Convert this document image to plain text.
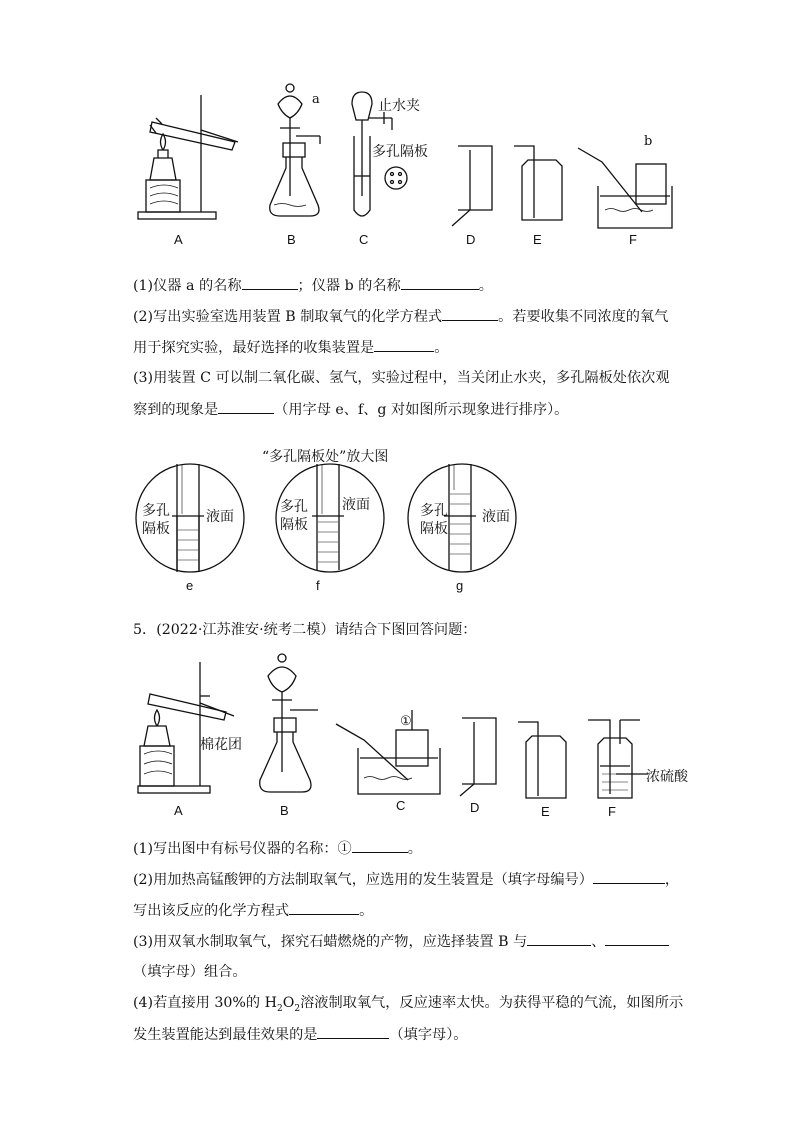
a
b
止水夹
多孔隔板
A	B	C	D	E	F
(1)仪器 a 的名称	；仪器 b 的名称	。
(2)写出实验室选用装置 B 制取氧气的化学方程式	。若要收集不同浓度的氧气
用于探究实验，最好选择的收集装置是	。
(3)用装置 C 可以制二氧化碳、氢气，实验过程中，当关闭止水夹，多孔隔板处依次观
察到的现象是	（用字母 e、f、g 对如图所示现象进行排序）。
“多孔隔板处”放大图
多孔
隔板
液面
e
多孔
隔板
液面
f
多孔
隔板
液面
g
5．(2022·江苏淮安·统考二模）请结合下图回答问题：
棉花团
①
浓硫酸
A	B	C	D	E	F
(1)写出图中有标号仪器的名称：①	。
(2)用加热高锰酸钾的方法制取氧气，应选用的发生装置是（填字母编号）	，
写出该反应的化学方程式	。
(3)用双氧水制取氧气，探究石蜡燃烧的产物，应选择装置 B 与	、
（填字母）组合。
(4)若直接用 30%的 $H_2O_2$溶液制取氧气，反应速率太快。为获得平稳的气流，如图所示
发生装置能达到最佳效果的是	（填字母）。
